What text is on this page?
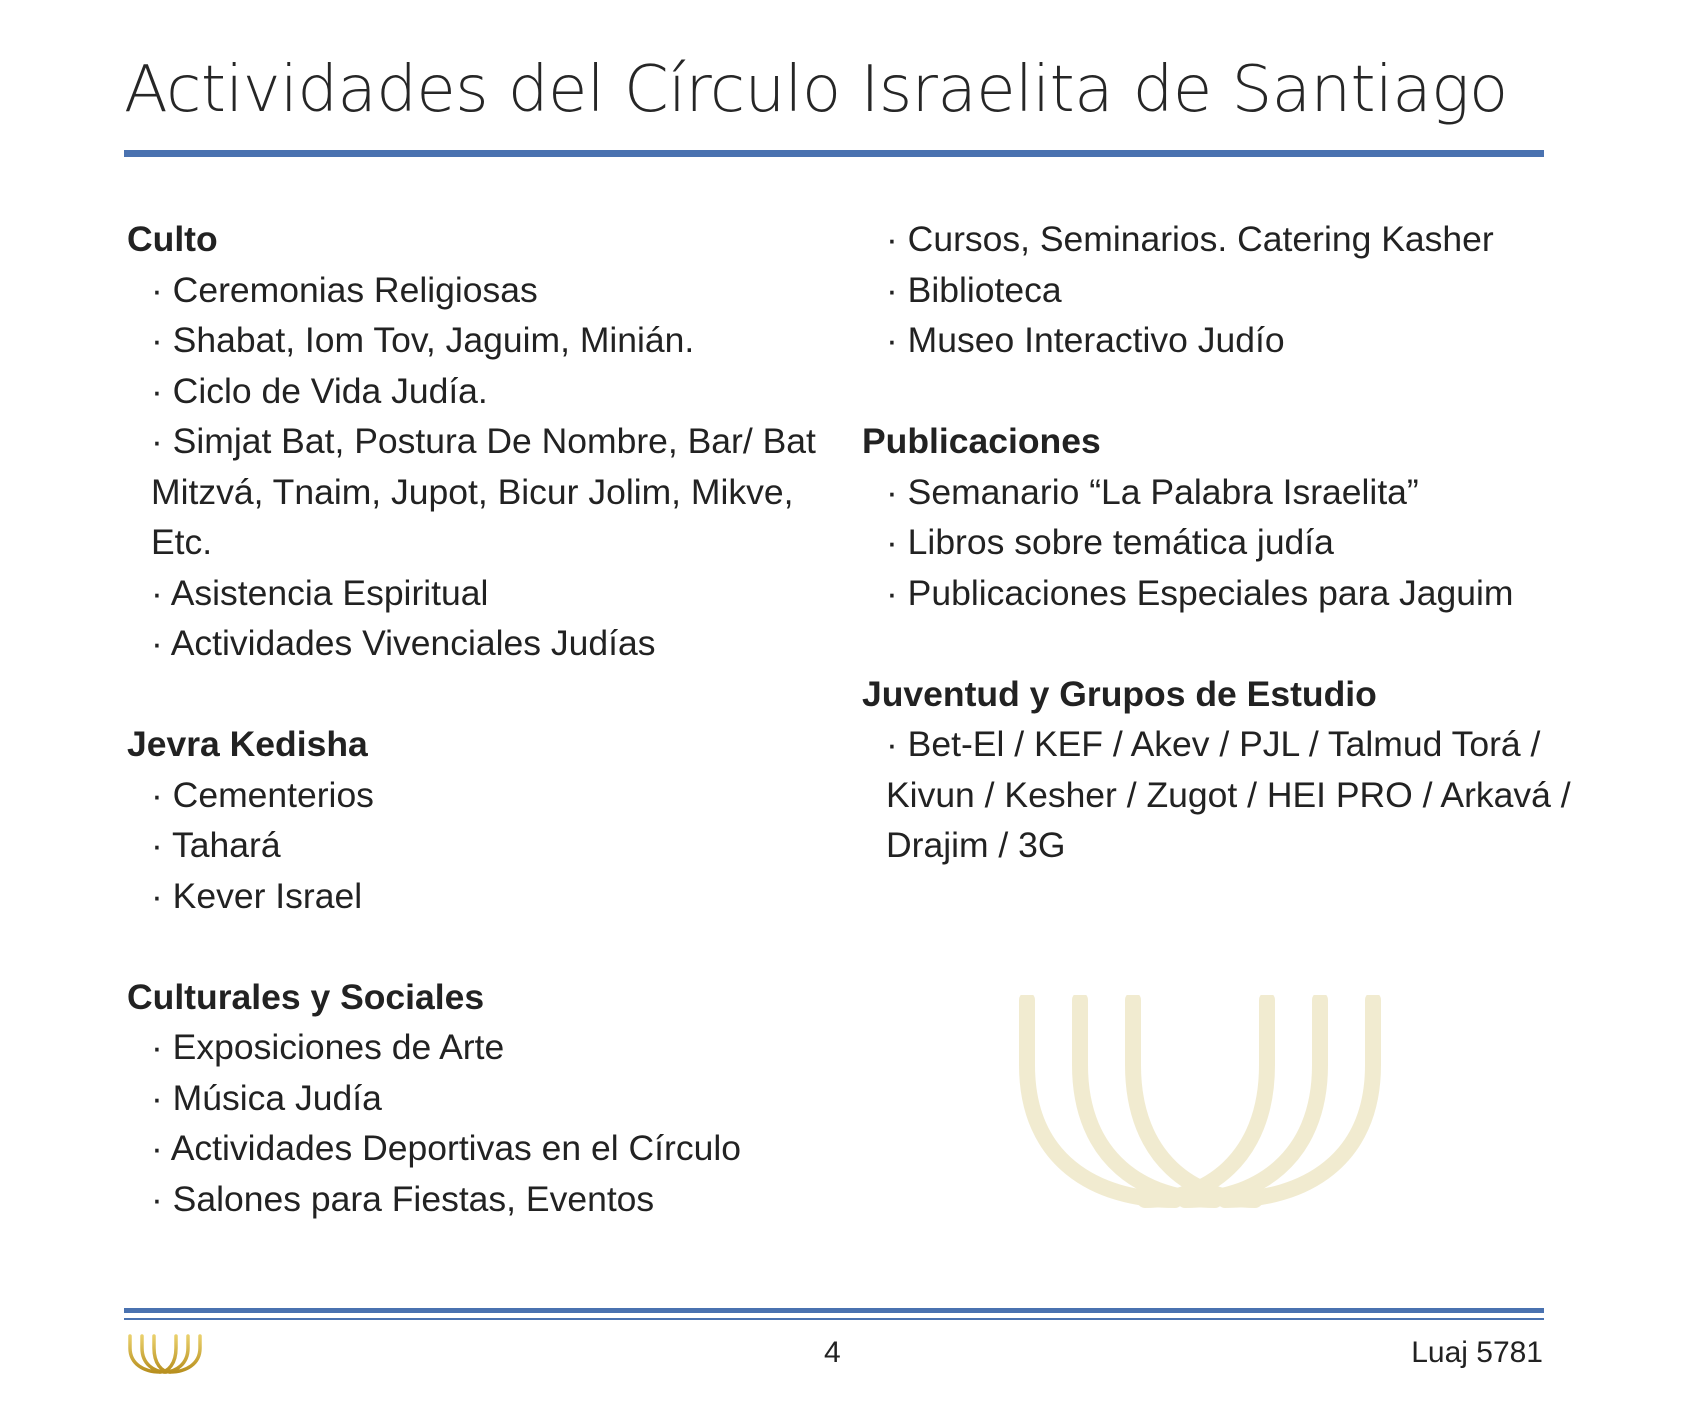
Actividades del Círculo Israelita de Santiago

Culto

· Ceremonias Religiosas

· Shabat, Iom Tov, Jaguim, Minián.

· Ciclo de Vida Judía.

· Simjat Bat, Postura De Nombre, Bar/ Bat Mitzvá, Tnaim, Jupot, Bicur Jolim, Mikve, Etc.

· Asistencia Espiritual

· Actividades Vivenciales Judías

Jevra Kedisha

· Cementerios

· Tahará

· Kever Israel

Culturales y Sociales

· Exposiciones de Arte

· Música Judía

· Actividades Deportivas en el Círculo

· Salones para Fiestas, Eventos

· Cursos, Seminarios. Catering Kasher

· Biblioteca

· Museo Interactivo Judío

Publicaciones

· Semanario “La Palabra Israelita”

· Libros sobre temática judía

· Publicaciones Especiales para Jaguim

Juventud y Grupos de Estudio

· Bet-El / KEF / Akev / PJL / Talmud Torá / Kivun / Kesher / Zugot / HEI PRO / Arkavá / Drajim / 3G

4	Luaj 5781
